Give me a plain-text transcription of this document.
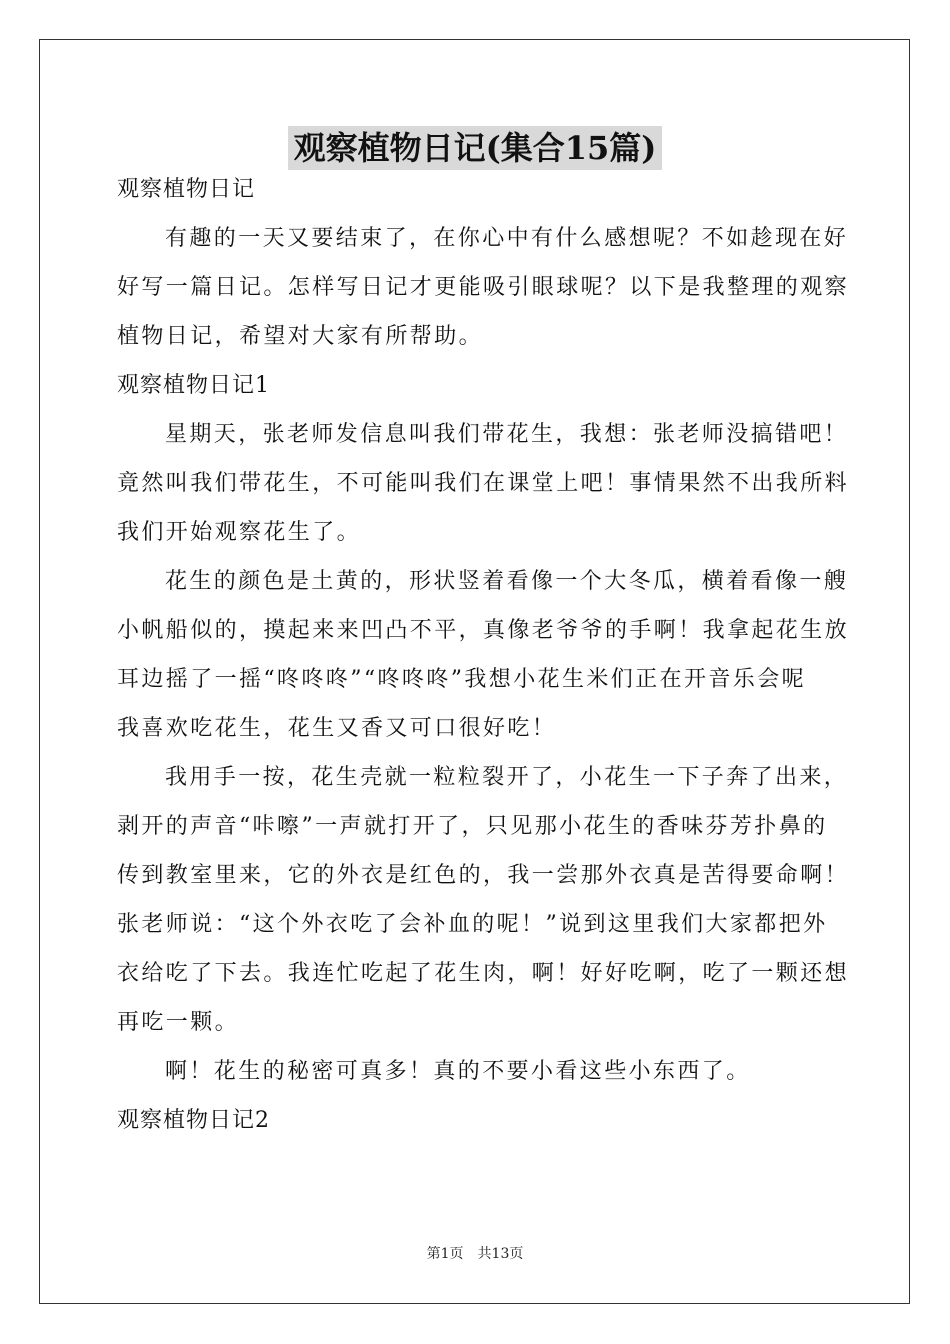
观察植物日记(集合15篇)
观察植物日记
有趣的一天又要结束了，在你心中有什么感想呢？不如趁现在好
好写一篇日记。怎样写日记才更能吸引眼球呢？以下是我整理的观察
植物日记，希望对大家有所帮助。
观察植物日记1
星期天，张老师发信息叫我们带花生，我想：张老师没搞错吧！
竟然叫我们带花生，不可能叫我们在课堂上吧！事情果然不出我所料
我们开始观察花生了。
花生的颜色是土黄的，形状竖着看像一个大冬瓜，横着看像一艘
小帆船似的，摸起来来凹凸不平，真像老爷爷的手啊！我拿起花生放
耳边摇了一摇“咚咚咚”“咚咚咚”我想小花生米们正在开音乐会呢
我喜欢吃花生，花生又香又可口很好吃！
我用手一按，花生壳就一粒粒裂开了，小花生一下子奔了出来，
剥开的声音“咔嚓”一声就打开了，只见那小花生的香味芬芳扑鼻的
传到教室里来，它的外衣是红色的，我一尝那外衣真是苦得要命啊！
张老师说：“这个外衣吃了会补血的呢！”说到这里我们大家都把外
衣给吃了下去。我连忙吃起了花生肉，啊！好好吃啊，吃了一颗还想
再吃一颗。
啊！花生的秘密可真多！真的不要小看这些小东西了。
观察植物日记2
第1页 共13页
